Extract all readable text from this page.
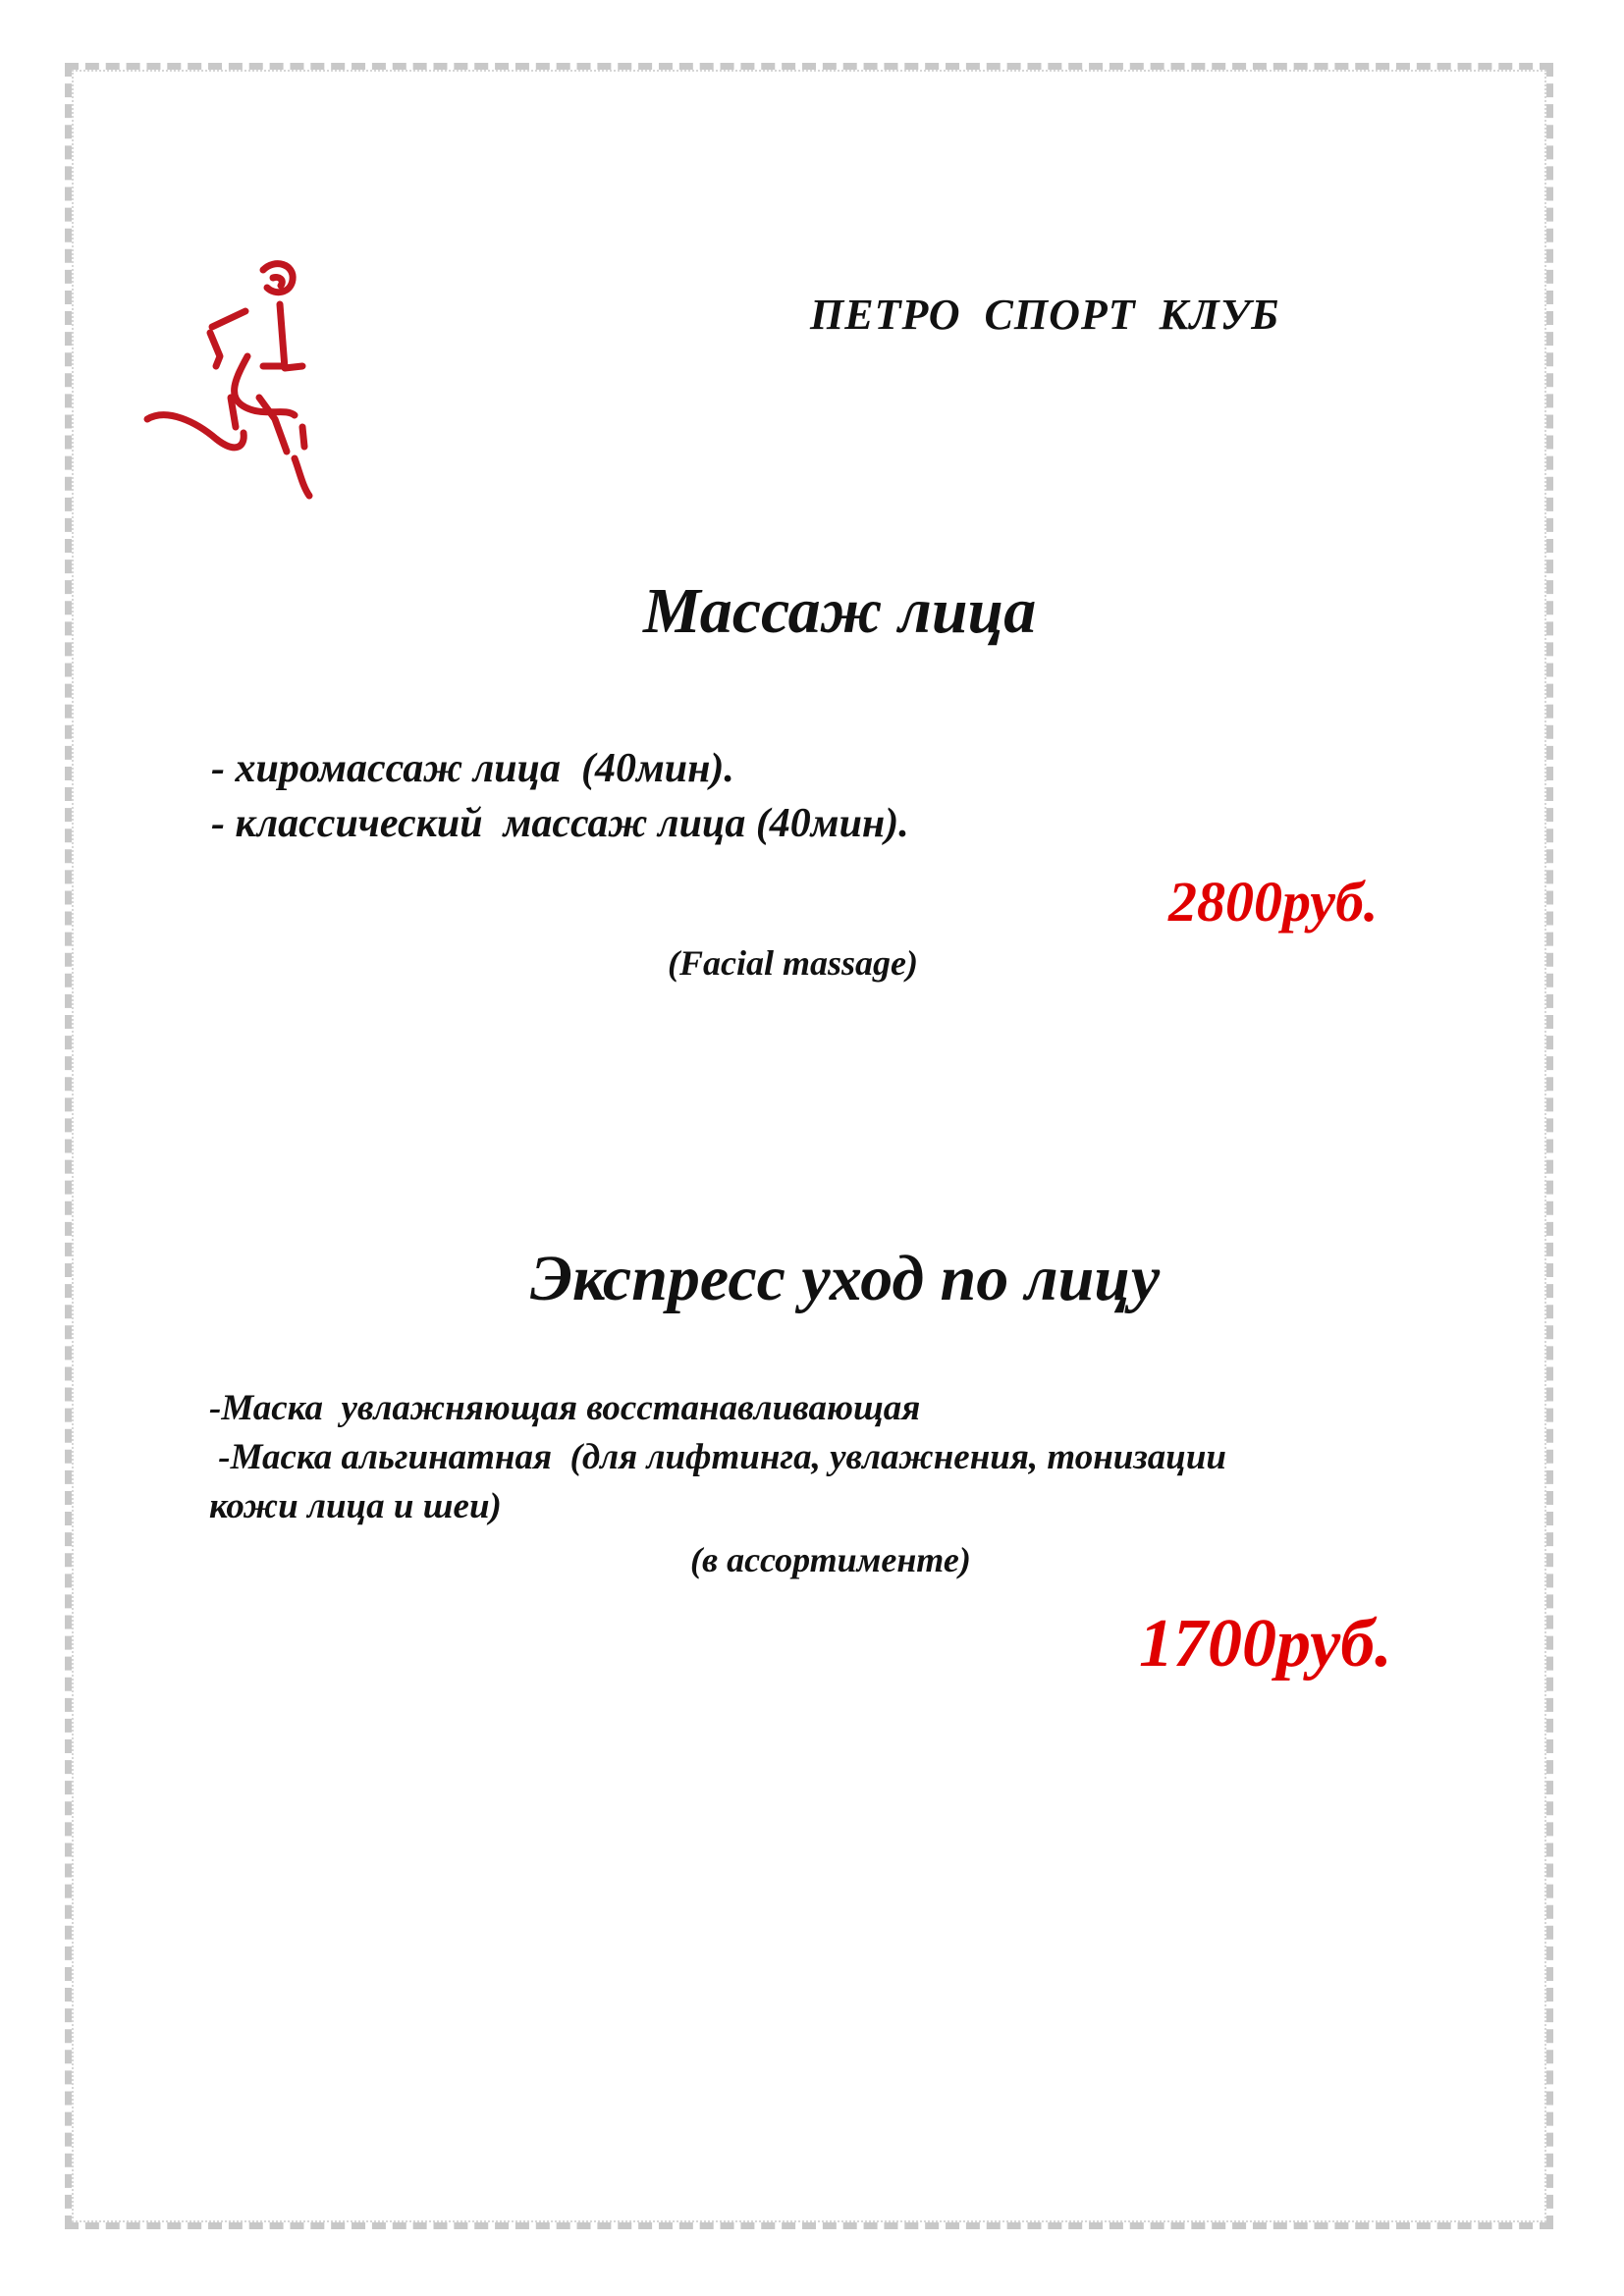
ПЕТРО  СПОРТ  КЛУБ
Массаж лица
- хиромассаж лица  (40мин).
- классический  массаж лица (40мин).
2800руб.
(Facial massage)
Экспресс уход по лицу
-Маска  увлажняющая восстанавливающая
-Маска альгинатная  (для лифтинга, увлажнения, тонизации
кожи лица и шеи)
(в ассортименте)
1700руб.
